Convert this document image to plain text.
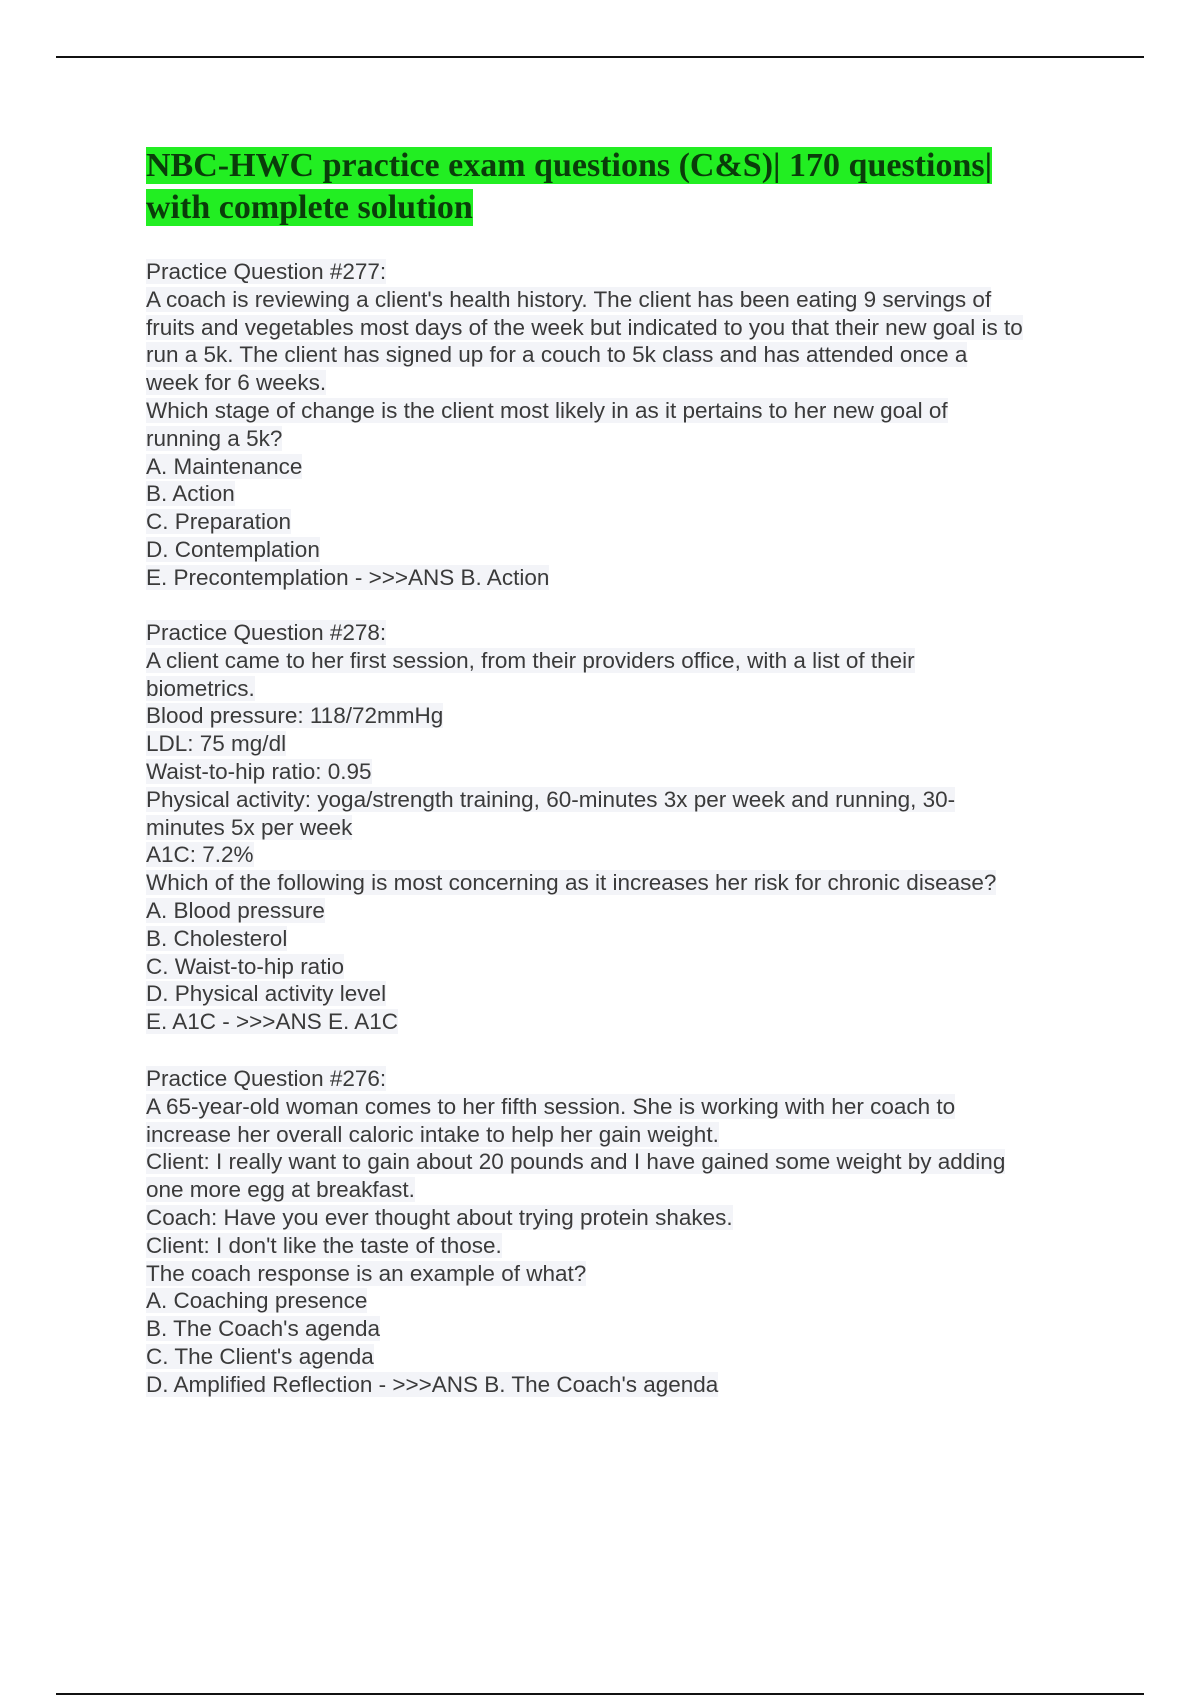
NBC-HWC practice exam questions (C&S)| 170 questions|
with complete solution
Practice Question #277:
A coach is reviewing a client's health history. The client has been eating 9 servings of
fruits and vegetables most days of the week but indicated to you that their new goal is to
run a 5k. The client has signed up for a couch to 5k class and has attended once a
week for 6 weeks.
Which stage of change is the client most likely in as it pertains to her new goal of
running a 5k?
A. Maintenance
B. Action
C. Preparation
D. Contemplation
E. Precontemplation - >>>ANS B. Action
Practice Question #278:
A client came to her first session, from their providers office, with a list of their
biometrics.
Blood pressure: 118/72mmHg
LDL: 75 mg/dl
Waist-to-hip ratio: 0.95
Physical activity: yoga/strength training, 60-minutes 3x per week and running, 30-
minutes 5x per week
A1C: 7.2%
Which of the following is most concerning as it increases her risk for chronic disease?
A. Blood pressure
B. Cholesterol
C. Waist-to-hip ratio
D. Physical activity level
E. A1C - >>>ANS E. A1C
Practice Question #276:
A 65-year-old woman comes to her fifth session. She is working with her coach to
increase her overall caloric intake to help her gain weight.
Client: I really want to gain about 20 pounds and I have gained some weight by adding
one more egg at breakfast.
Coach: Have you ever thought about trying protein shakes.
Client: I don't like the taste of those.
The coach response is an example of what?
A. Coaching presence
B. The Coach's agenda
C. The Client's agenda
D. Amplified Reflection - >>>ANS B. The Coach's agenda
